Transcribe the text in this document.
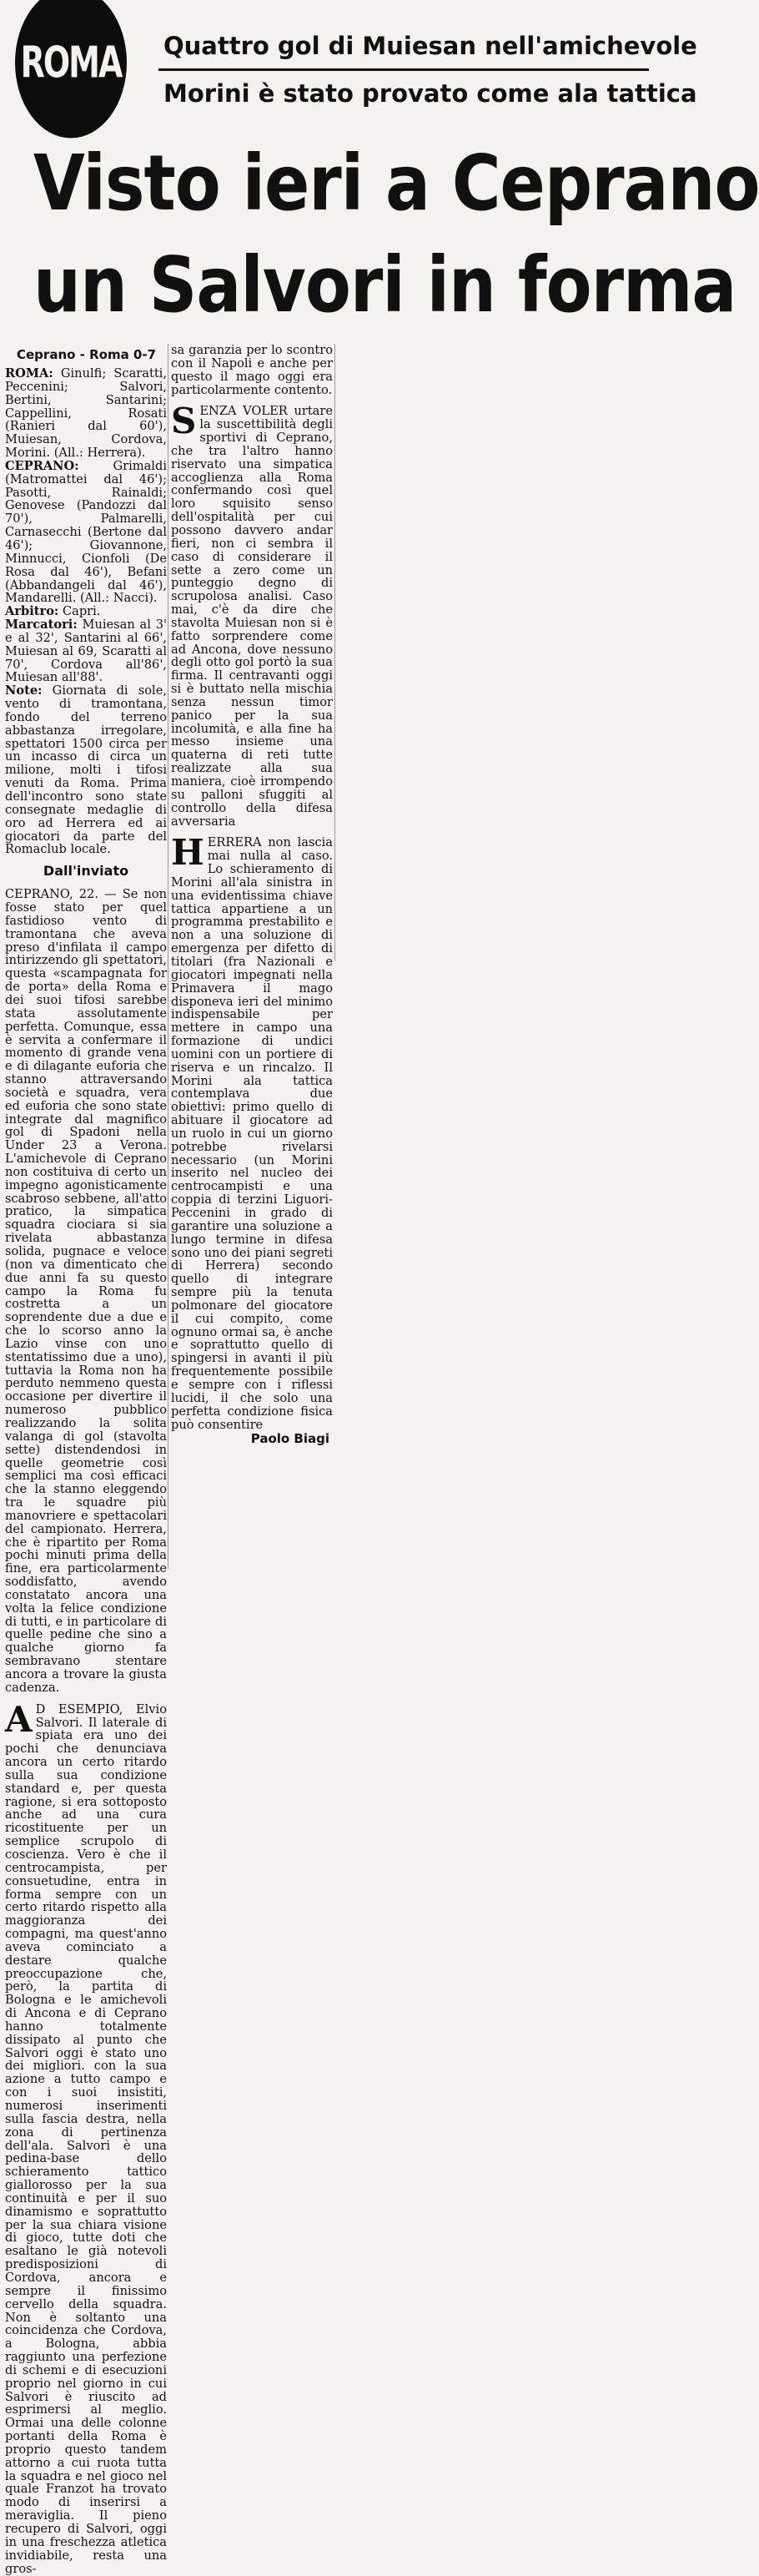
ROMA Quattro gol di Muiesan nell'amichevole
Morini è stato provato come ala tattica
Visto ieri a Ceprano
un Salvori in forma

Ceprano - Roma 0-7

ROMA: Ginulfi; Scaratti, Peccenini; Salvori, Bertini, Santarini; Cappellini, Rosati (Ranieri dal 60'), Muiesan, Cordova, Morini. (All.: Herrera).

CEPRANO:	Grimaldi (Matromattei dal 46'); Pasotti, Rainaldi; Genovese (Pandozzi dal 70'), Palmarelli, Carnasecchi (Bertone dal 46'); Giovannone, Minnucci, Cionfoli (De Rosa dal 46'), Befani (Abbandangeli dal 46'), Mandarelli. (All.: Nacci).

Arbitro: Capri.

Marcatori: Muiesan al 3' e al 32', Santarini al 66', Muiesan al 69, Scaratti al 70', Cordova all'86', Muiesan all'88'.

Note: Giornata di sole, vento di tramontana, fondo del terreno abbastanza irregolare, spettatori 1500 circa per un incasso di circa un milione, molti i tifosi venuti da Roma. Prima dell'incontro sono state consegnate medaglie di oro ad Herrera ed ai giocatori da parte del Romaclub locale.

Dall'inviato

CEPRANO, 22. — Se non fosse stato per quel fastidioso vento di tramontana che aveva preso d'infilata il campo intirizzendo gli spettatori, questa «scampagnata for de porta» della Roma e dei suoi tifosi sarebbe stata assolutamente perfetta. Comunque, essa è servita a confermare il momento di grande vena e di dilagante euforia che stanno attraversando società e squadra, vera ed euforia che sono state integrate dal magnifico gol di Spadoni nella Under 23 a Verona. L'amichevole di Ceprano non costituiva di certo un impegno agonisticamente scabroso sebbene, all'atto pratico, la simpatica squadra ciociara si sia rivelata abbastanza solida, pugnace e veloce (non va dimenticato che due anni fa su questo campo la Roma fu costretta a un soprendente due a due e che lo scorso anno la Lazio vinse con uno stentatissimo due a uno), tuttavia la Roma non ha perduto nemmeno questa occasione per divertire il numeroso pubblico realizzando la solita valanga di gol (stavolta sette) distendendosi in quelle geometrie così semplici ma così efficaci che la stanno eleggendo tra le squadre più manovriere e spettacolari del campionato. Herrera, che è ripartito per Roma pochi minuti prima della fine, era particolarmente soddisfatto, avendo constatato ancora una volta la felice condizione di tutti, e in particolare di quelle pedine che sino a qualche giorno fa sembravano stentare ancora a trovare la giusta cadenza.

A D ESEMPIO, Elvio Salvori. Il laterale di spiata era uno dei pochi che denunciava ancora un certo ritardo sulla sua condizione standard e, per questa ragione, si era sottoposto anche ad una cura ricostituente per un semplice scrupolo di coscienza. Vero è che il centrocampista, per consuetudine, entra in forma sempre con un certo ritardo rispetto alla maggioranza dei compagni, ma quest'anno aveva cominciato a destare qualche preoccupazione che, però, la partita di Bologna e le amichevoli di Ancona e di Ceprano hanno totalmente dissipato al punto che Salvori oggi è stato uno dei migliori. con la sua azione a tutto campo e con i suoi insistiti, numerosi inserimenti sulla fascia destra, nella zona di pertinenza dell'ala. Salvori è una pedina-base dello schieramento tattico giallorosso per la sua continuità e per il suo dinamismo e soprattutto per la sua chiara visione di gioco, tutte doti che esaltano le già notevoli predisposizioni di Cordova, ancora e sempre il finissimo cervello della squadra. Non è soltanto una coincidenza che Cordova, a Bologna, abbia raggiunto una perfezione di schemi e di esecuzioni proprio nel giorno in cui Salvori è riuscito ad esprimersi al meglio. Ormai una delle colonne portanti della Roma è proprio questo tandem attorno a cui ruota tutta la squadra e nel gioco nel quale Franzot ha trovato modo di inserirsi a meraviglia. Il pieno recupero di Salvori, oggi in una freschezza atletica invidiabile, resta una gros-

sa garanzia per lo scontro con il Napoli e anche per questo il mago oggi era particolarmente contento.

SENZA VOLER urtare la suscettibilità degli sportivi di Ceprano, che tra l'altro hanno riservato una simpatica accoglienza alla Roma confermando così quel loro squisito senso dell'ospitalità per cui possono davvero andar fieri, non ci sembra il caso di considerare il sette a zero come un punteggio degno di scrupolosa analisi. Caso mai, c'è da dire che stavolta Muiesan non si è fatto sorprendere come ad Ancona, dove nessuno degli otto gol portò la sua firma. Il centravanti oggi si è buttato nella mischia senza nessun timor panico per la sua incolumità, e alla fine ha messo insieme una quaterna di reti tutte realizzate alla sua maniera, cioè irrompendo su palloni sfuggiti al controllo della difesa avversaria

HERRERA non lascia mai nulla al caso. Lo schieramento di Morini all'ala sinistra in una evidentissima chiave tattica appartiene a un programma prestabilito e non a una soluzione di emergenza per difetto di titolari (fra Nazionali e giocatori impegnati nella Primavera il mago disponeva ieri del minimo indispensabile per mettere in campo una formazione di undici uomini con un portiere di riserva e un rincalzo. Il Morini ala tattica contemplava due obiettivi: primo quello di abituare il giocatore ad un ruolo in cui un giorno potrebbe rivelarsi necessario (un Morini inserito nel nucleo dei centrocampisti e una coppia di terzini Liguori-Peccenini in grado di garantire una soluzione a lungo termine in difesa sono uno dei piani segreti di Herrera) secondo quello di integrare sempre più la tenuta polmonare del giocatore il cui compito, come ognuno ormai sa, è anche e soprattutto quello di spingersi in avanti il più frequentemente possibile e sempre con i riflessi lucidi, il che solo una perfetta condizione fisica può consentire

Paolo Biagi
